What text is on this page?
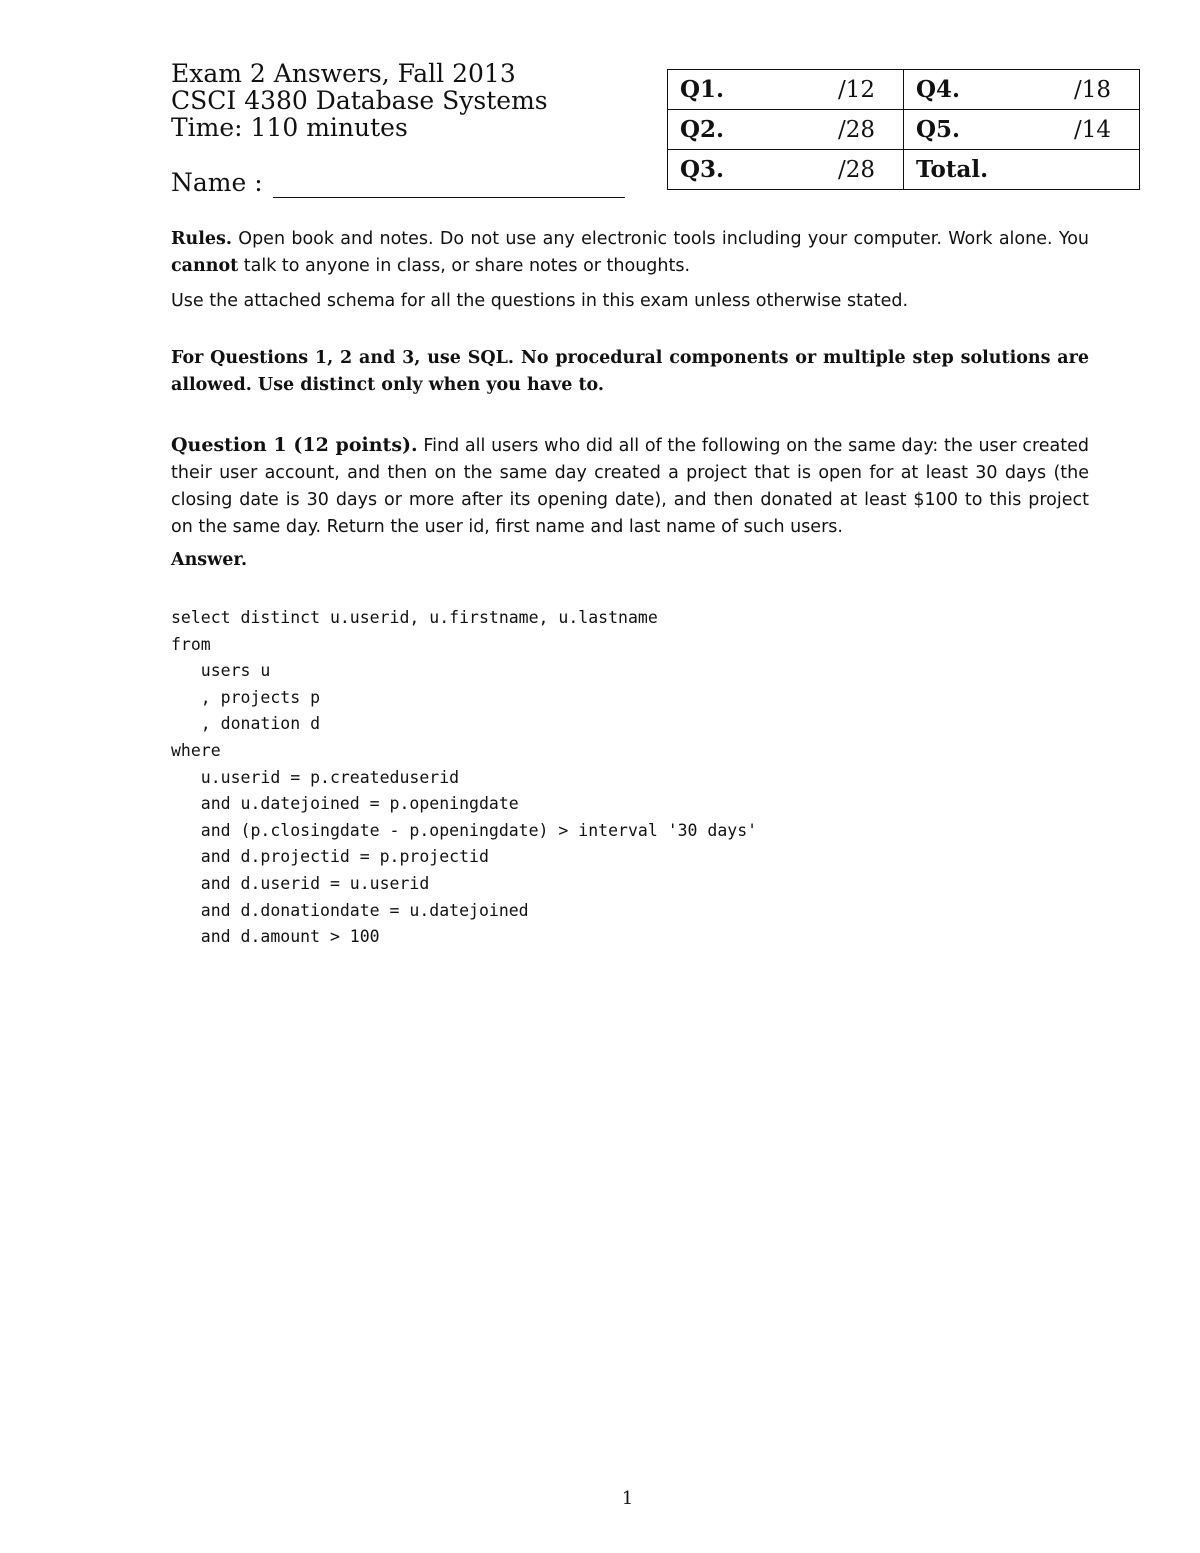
Exam 2 Answers, Fall 2013
CSCI 4380 Database Systems
Time: 110 minutes
Name :
Q1. /12	Q4. /18

Q2. /28	Q5. /14

Q3. /28	Total.
Rules. Open book and notes. Do not use any electronic tools including your computer. Work alone. You cannot talk to anyone in class, or share notes or thoughts.
Use the attached schema for all the questions in this exam unless otherwise stated.
For Questions 1, 2 and 3, use SQL. No procedural components or multiple step solutions are allowed. Use distinct only when you have to.
Question 1 (12 points). Find all users who did all of the following on the same day: the user created their user account, and then on the same day created a project that is open for at least 30 days (the closing date is 30 days or more after its opening date), and then donated at least $100 to this project on the same day. Return the user id, first name and last name of such users.
Answer.
select distinct u.userid, u.firstname, u.lastname
from
users u
, projects p
, donation d
where
u.userid = p.createduserid
and u.datejoined = p.openingdate
and (p.closingdate - p.openingdate) > interval '30 days'
and d.projectid = p.projectid
and d.userid = u.userid
and d.donationdate = u.datejoined
and d.amount > 100
1
